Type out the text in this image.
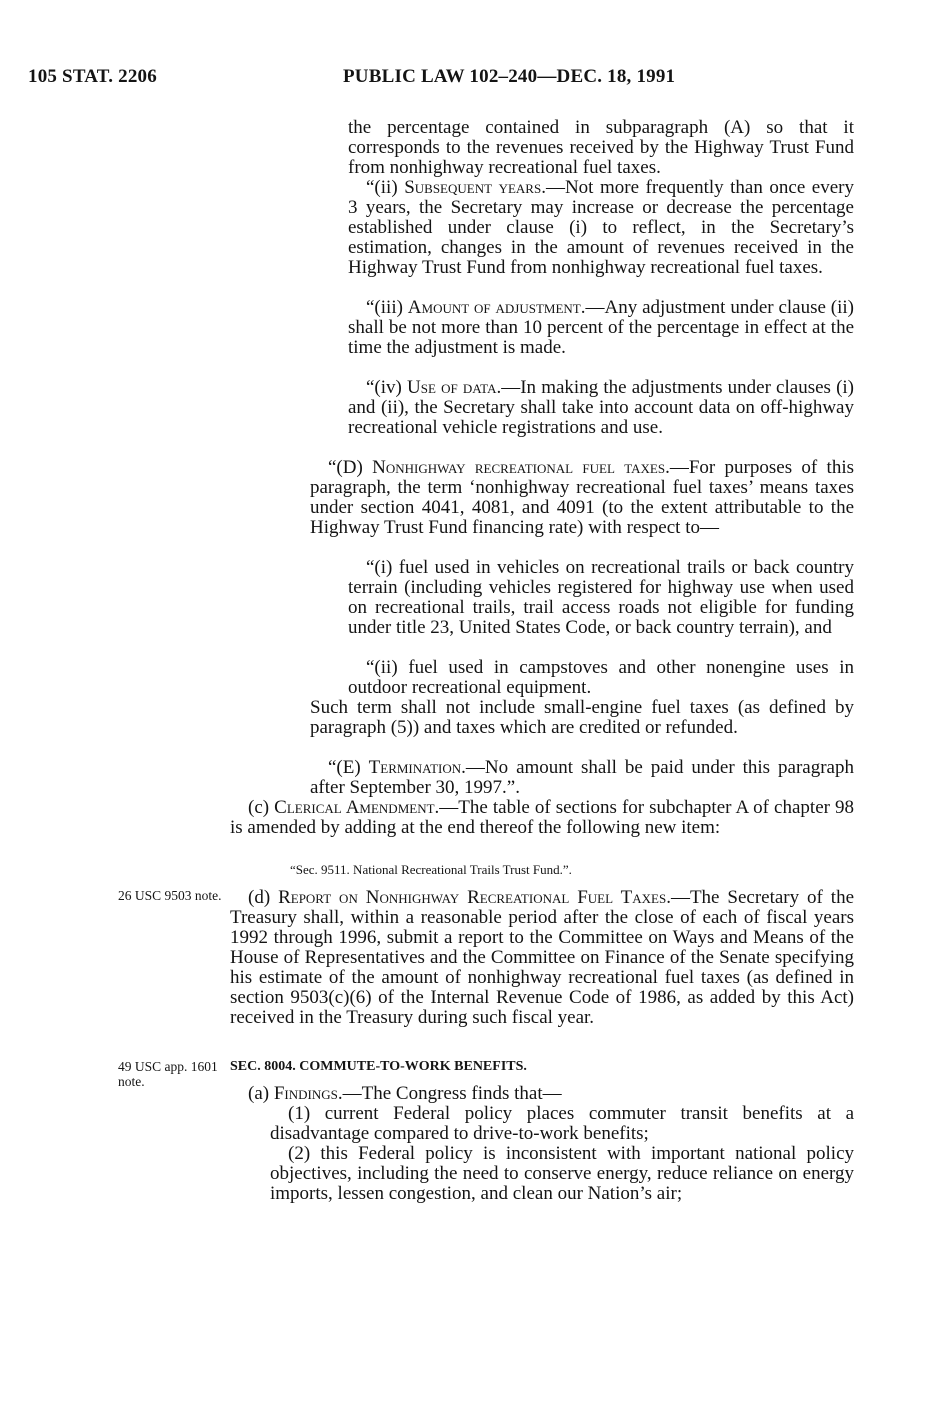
105 STAT. 2206	PUBLIC LAW 102–240—DEC. 18, 1991
the percentage contained in subparagraph (A) so that it corresponds to the revenues received by the Highway Trust Fund from nonhighway recreational fuel taxes.
“(ii) Subsequent years.—Not more frequently than once every 3 years, the Secretary may increase or decrease the percentage established under clause (i) to reflect, in the Secretary’s estimation, changes in the amount of revenues received in the Highway Trust Fund from nonhighway recreational fuel taxes.
“(iii) Amount of adjustment.—Any adjustment under clause (ii) shall be not more than 10 percent of the percentage in effect at the time the adjustment is made.
“(iv) Use of data.—In making the adjustments under clauses (i) and (ii), the Secretary shall take into account data on off-highway recreational vehicle registrations and use.
“(D) Nonhighway recreational fuel taxes.—For purposes of this paragraph, the term ‘nonhighway recreational fuel taxes’ means taxes under section 4041, 4081, and 4091 (to the extent attributable to the Highway Trust Fund financing rate) with respect to—
“(i) fuel used in vehicles on recreational trails or back country terrain (including vehicles registered for highway use when used on recreational trails, trail access roads not eligible for funding under title 23, United States Code, or back country terrain), and
“(ii) fuel used in campstoves and other nonengine uses in outdoor recreational equipment.
Such term shall not include small-engine fuel taxes (as defined by paragraph (5)) and taxes which are credited or refunded.
“(E) Termination.—No amount shall be paid under this paragraph after September 30, 1997.”.
(c) Clerical Amendment.—The table of sections for subchapter A of chapter 98 is amended by adding at the end thereof the following new item:
“Sec. 9511. National Recreational Trails Trust Fund.”.
26 USC 9503 note.	(d) Report on Nonhighway Recreational Fuel Taxes.—The Secretary of the Treasury shall, within a reasonable period after the close of each of fiscal years 1992 through 1996, submit a report to the Committee on Ways and Means of the House of Representatives and the Committee on Finance of the Senate specifying his estimate of the amount of nonhighway recreational fuel taxes (as defined in section 9503(c)(6) of the Internal Revenue Code of 1986, as added by this Act) received in the Treasury during such fiscal year.
49 USC app. 1601 note.
SEC. 8004. COMMUTE-TO-WORK BENEFITS.
(a) Findings.—The Congress finds that—
(1) current Federal policy places commuter transit benefits at a disadvantage compared to drive-to-work benefits;
(2) this Federal policy is inconsistent with important national policy objectives, including the need to conserve energy, reduce reliance on energy imports, lessen congestion, and clean our Nation’s air;
